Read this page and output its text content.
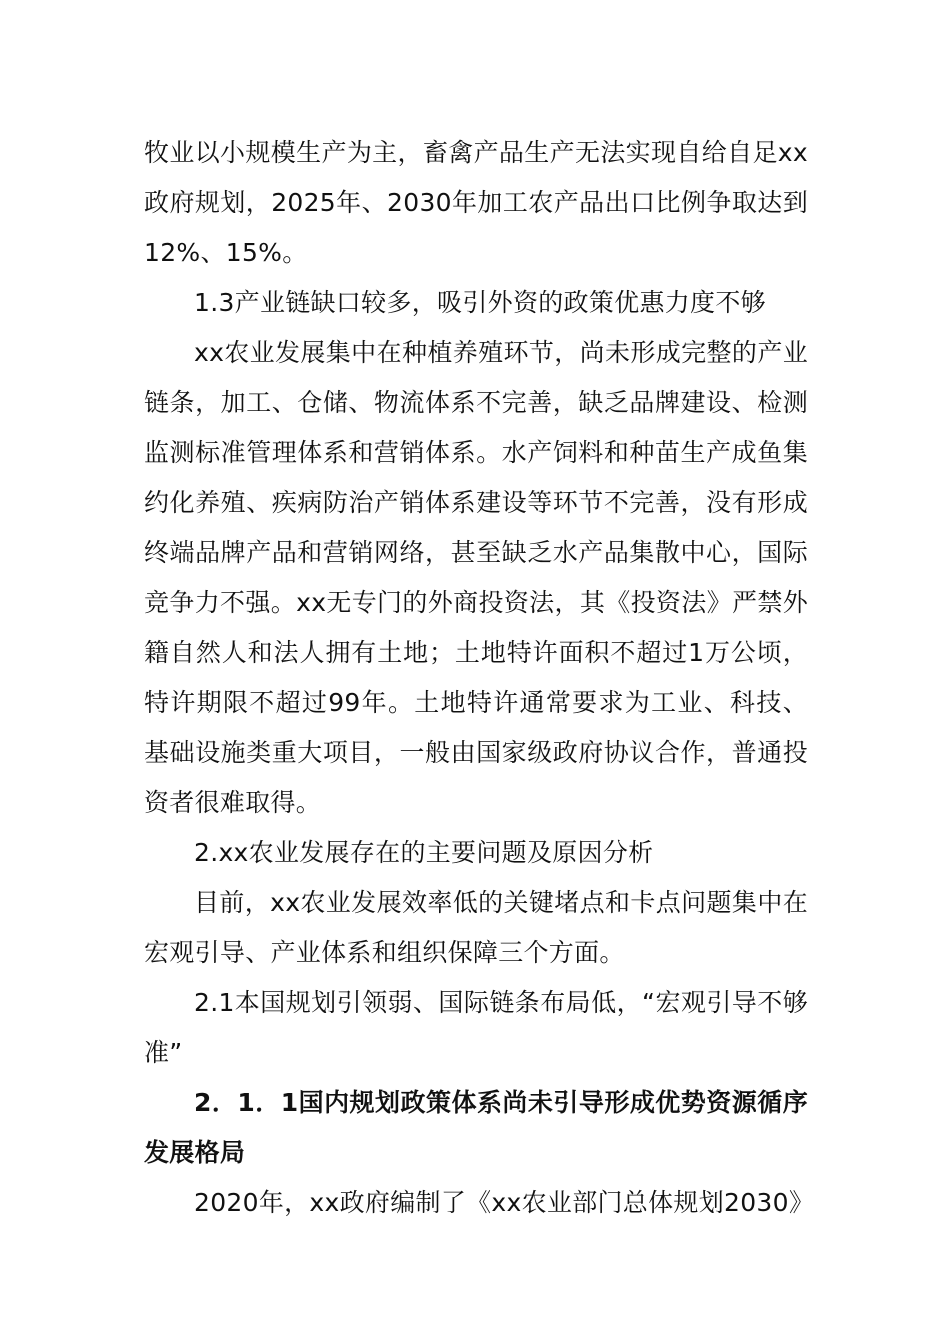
牧业以小规模生产为主，畜禽产品生产无法实现自给自足xx政府规划，2025年、2030年加工农产品出口比例争取达到12%、15%。

1.3产业链缺口较多，吸引外资的政策优惠力度不够

xx农业发展集中在种植养殖环节，尚未形成完整的产业链条，加工、仓储、物流体系不完善，缺乏品牌建设、检测监测标准管理体系和营销体系。水产饲料和种苗生产成鱼集约化养殖、疾病防治产销体系建设等环节不完善，没有形成终端品牌产品和营销网络，甚至缺乏水产品集散中心，国际竞争力不强。xx无专门的外商投资法，其《投资法》严禁外籍自然人和法人拥有土地；土地特许面积不超过1万公顷，特许期限不超过99年。土地特许通常要求为工业、科技、基础设施类重大项目，一般由国家级政府协议合作，普通投资者很难取得。

2.xx农业发展存在的主要问题及原因分析

目前，xx农业发展效率低的关键堵点和卡点问题集中在宏观引导、产业体系和组织保障三个方面。

2.1本国规划引领弱、国际链条布局低，“宏观引导不够准”

2．1．1国内规划政策体系尚未引导形成优势资源循序发展格局

2020年，xx政府编制了《xx农业部门总体规划2030》
